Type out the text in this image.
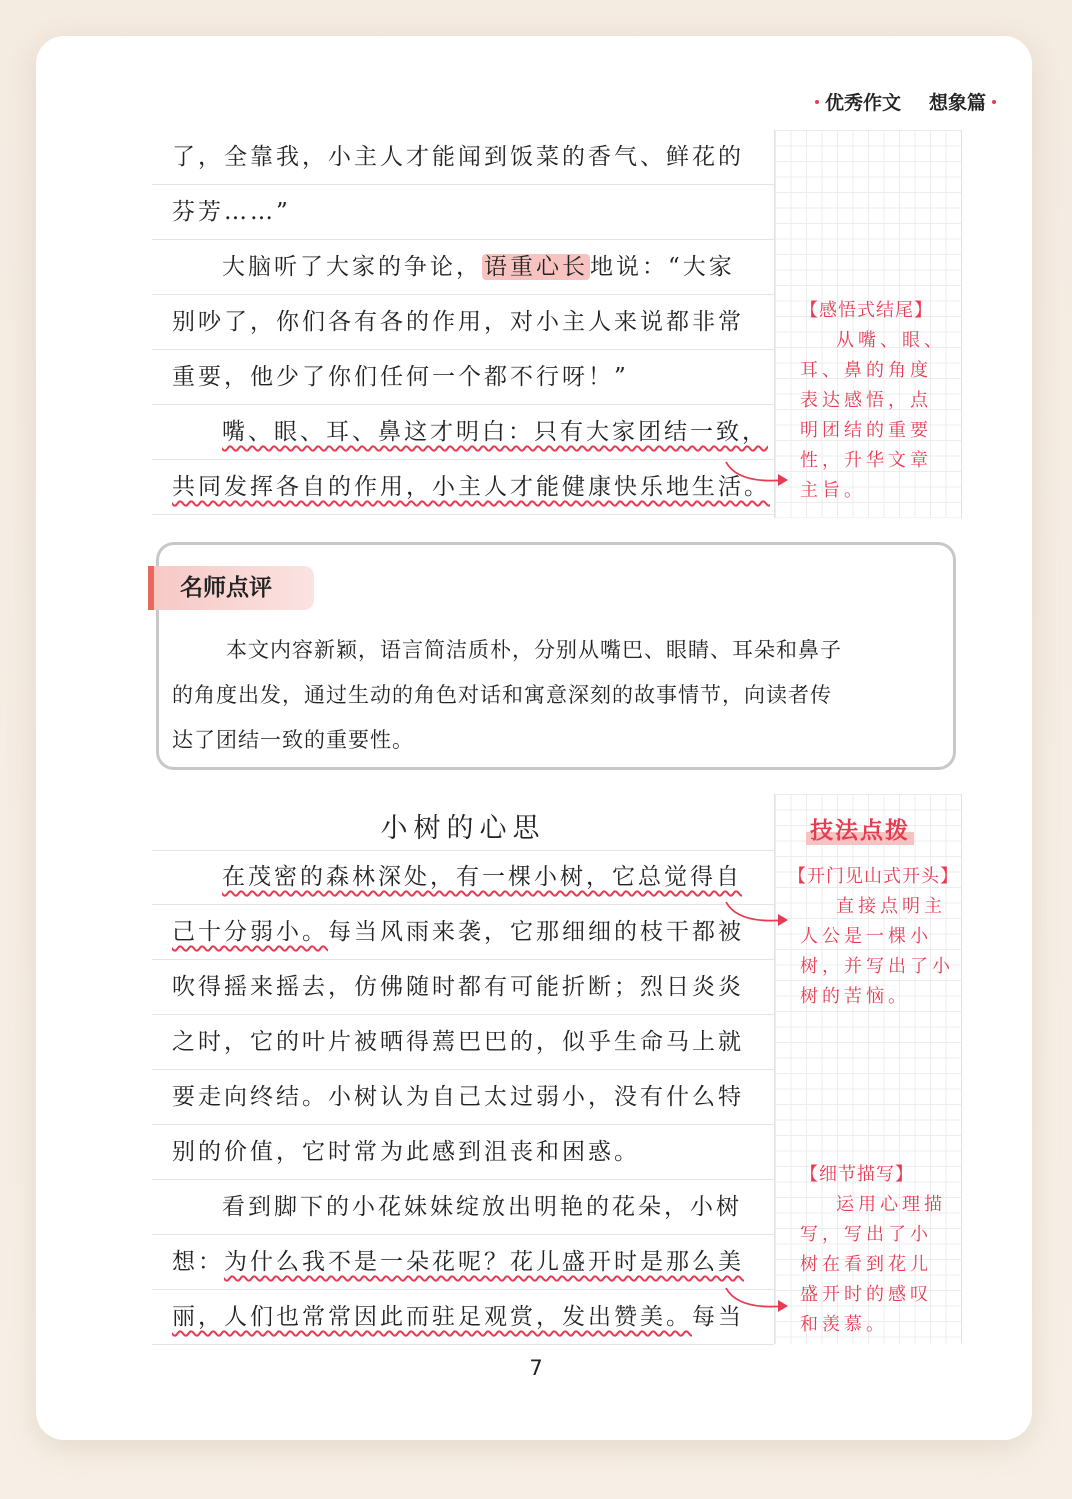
优秀作文 想象篇
了，全靠我，小主人才能闻到饭菜的香气、鲜花的
芬芳……”
大脑听了大家的争论，语重心长地说：“大家
别吵了，你们各有各的作用，对小主人来说都非常
重要，他少了你们任何一个都不行呀！”
嘴、眼、耳、鼻这才明白：只有大家团结一致，
共同发挥各自的作用，小主人才能健康快乐地生活。
【感悟式结尾】
从嘴、眼、耳、鼻的角度表达感悟，点明团结的重要性，升华文章主旨。
名师点评
本文内容新颖，语言简洁质朴，分别从嘴巴、眼睛、耳朵和鼻子
的角度出发，通过生动的角色对话和寓意深刻的故事情节，向读者传
达了团结一致的重要性。
小树的心思	技法点拨
在茂密的森林深处，有一棵小树，它总觉得自
己十分弱小。每当风雨来袭，它那细细的枝干都被
吹得摇来摇去，仿佛随时都有可能折断；烈日炎炎
之时，它的叶片被晒得蔫巴巴的，似乎生命马上就
要走向终结。小树认为自己太过弱小，没有什么特
别的价值，它时常为此感到沮丧和困惑。
看到脚下的小花妹妹绽放出明艳的花朵，小树
想：为什么我不是一朵花呢？花儿盛开时是那么美
丽，人们也常常因此而驻足观赏，发出赞美。每当
【开门见山式开头】
直接点明主人公是一棵小树，并写出了小树的苦恼。
【细节描写】
运用心理描写，写出了小树在看到花儿盛开时的感叹和羡慕。
7
